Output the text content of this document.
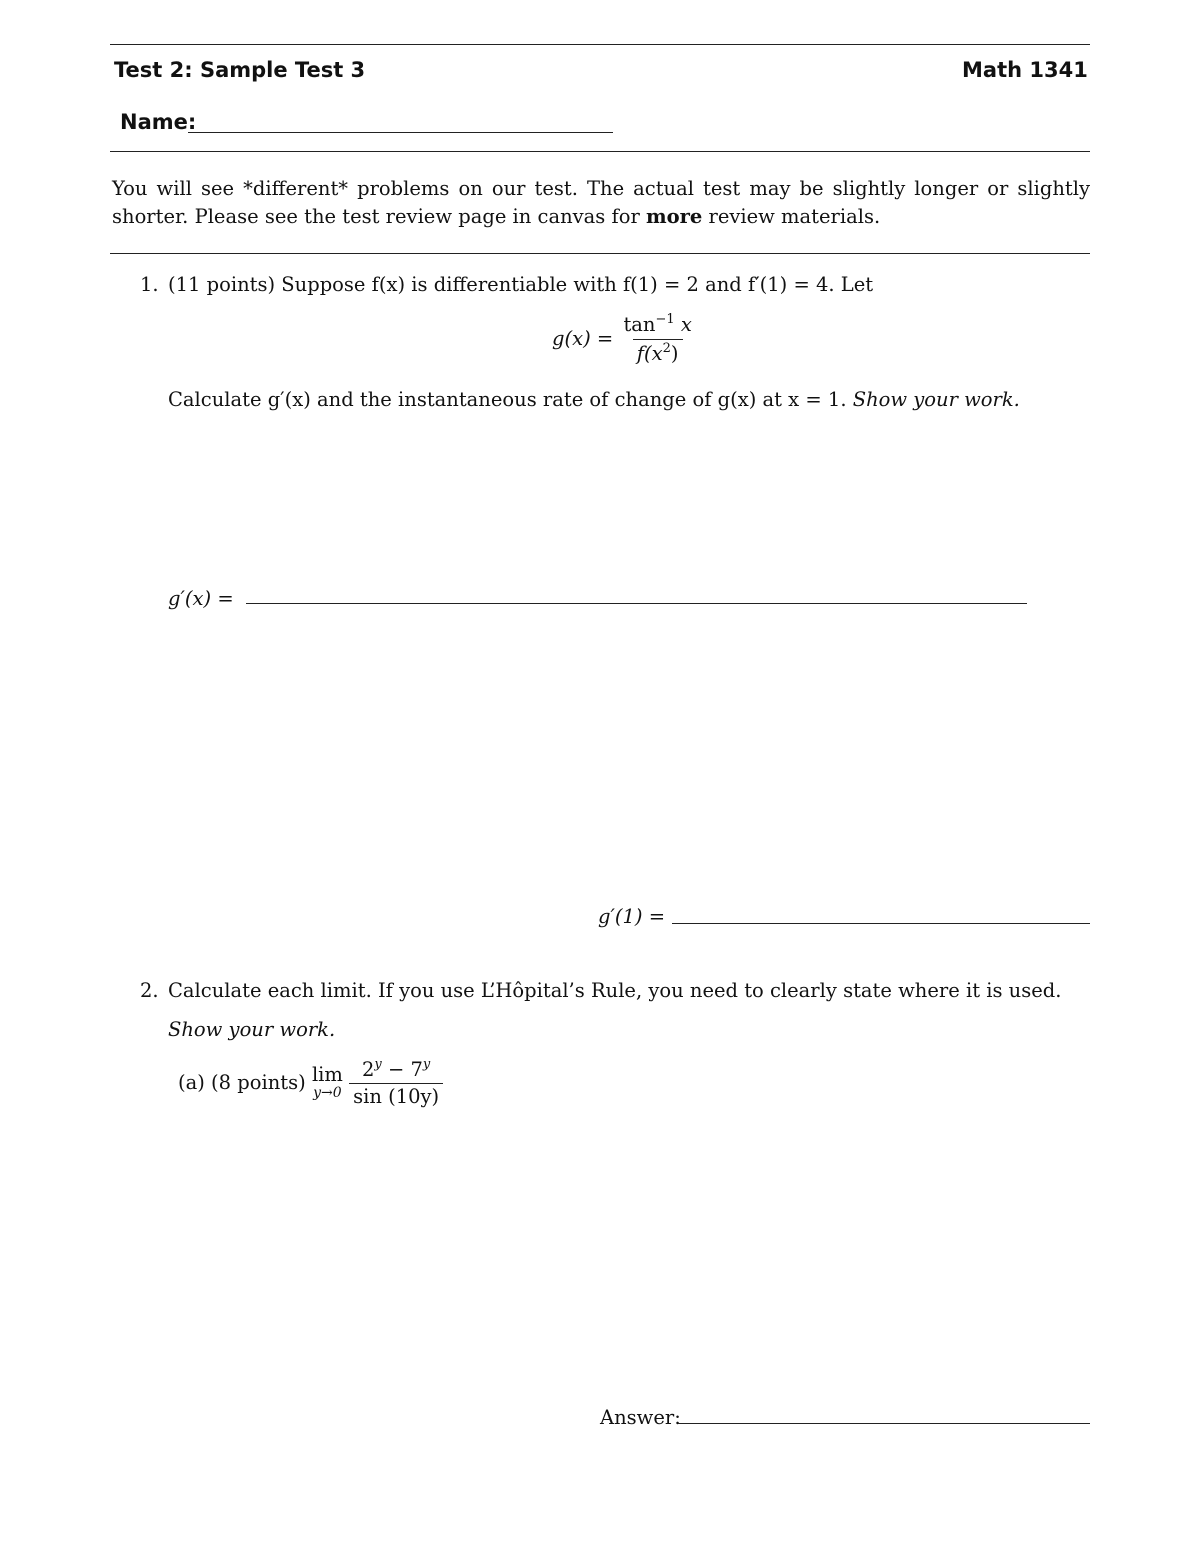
Test 2: Sample Test 3	Math 1341
Name:
You will see *different* problems on our test. The actual test may be slightly longer or slightly shorter. Please see the test review page in canvas for more review materials.
1. (11 points) Suppose f(x) is differentiable with f(1) = 2 and f′(1) = 4. Let
$g(x) = \frac{\tan^{-1} x}{f(x^2)}$
Calculate g′(x) and the instantaneous rate of change of g(x) at x = 1. Show your work.
g′(x) =
g′(1) =
2. Calculate each limit. If you use L’Hôpital’s Rule, you need to clearly state where it is used.
Show your work.
(a) (8 points) lim
y→0
$\frac{2^y - 7^y}{\sin (10y)}$
Answer:
